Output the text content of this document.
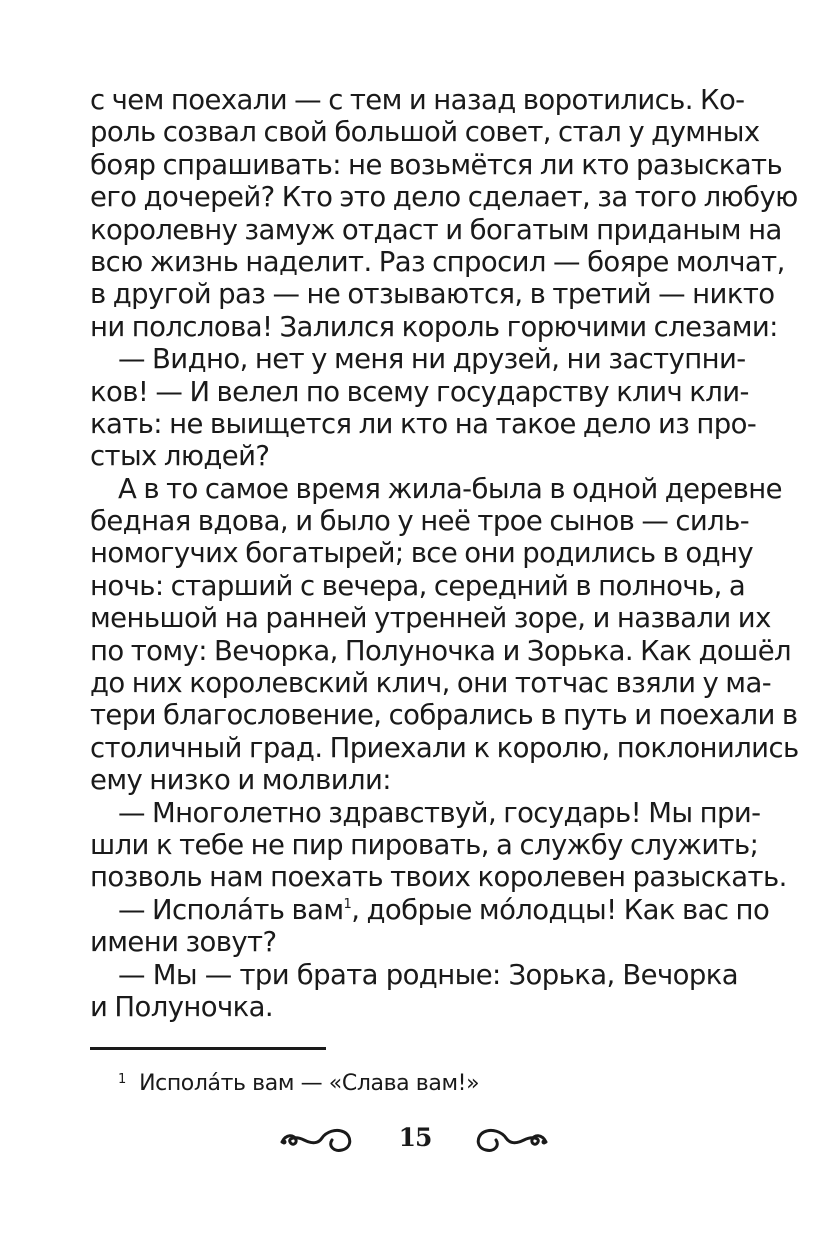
с чем поехали — с тем и назад воротились. Ко-
роль созвал свой большой совет, стал у думных
бояр спрашивать: не возьмётся ли кто разыскать
его дочерей? Кто это дело сделает, за того любую
королевну замуж отдаст и богатым приданым на
всю жизнь наделит. Раз спросил — бояре молчат,
в другой раз — не отзываются, в третий — никто
ни полслова! Залился король горючими слезами:
— Видно, нет у меня ни друзей, ни заступни-
ков! — И велел по всему государству клич кли-
кать: не выищется ли кто на такое дело из про-
стых людей?
А в то самое время жила-была в одной деревне
бедная вдова, и было у неё трое сынов — силь-
номогучих богатырей; все они родились в одну
ночь: старший с вечера, середний в полночь, а
меньшой на ранней утренней зоре, и назвали их
по тому: Вечорка, Полуночка и Зорька. Как дошёл
до них королевский клич, они тотчас взяли у ма-
тери благословение, собрались в путь и поехали в
столичный град. Приехали к королю, поклонились
ему низко и молвили:
— Многолетно здравствуй, государь! Мы при-
шли к тебе не пир пировать, а службу служить;
позволь нам поехать твоих королевен разыскать.
— Исполáть вам$^1$, добрые мóлодцы! Как вас по
имени зовут?
— Мы — три брата родные: Зорька, Вечорка
и Полуночка.
$^1$ Исполáть вам — «Слава вам!»
15
